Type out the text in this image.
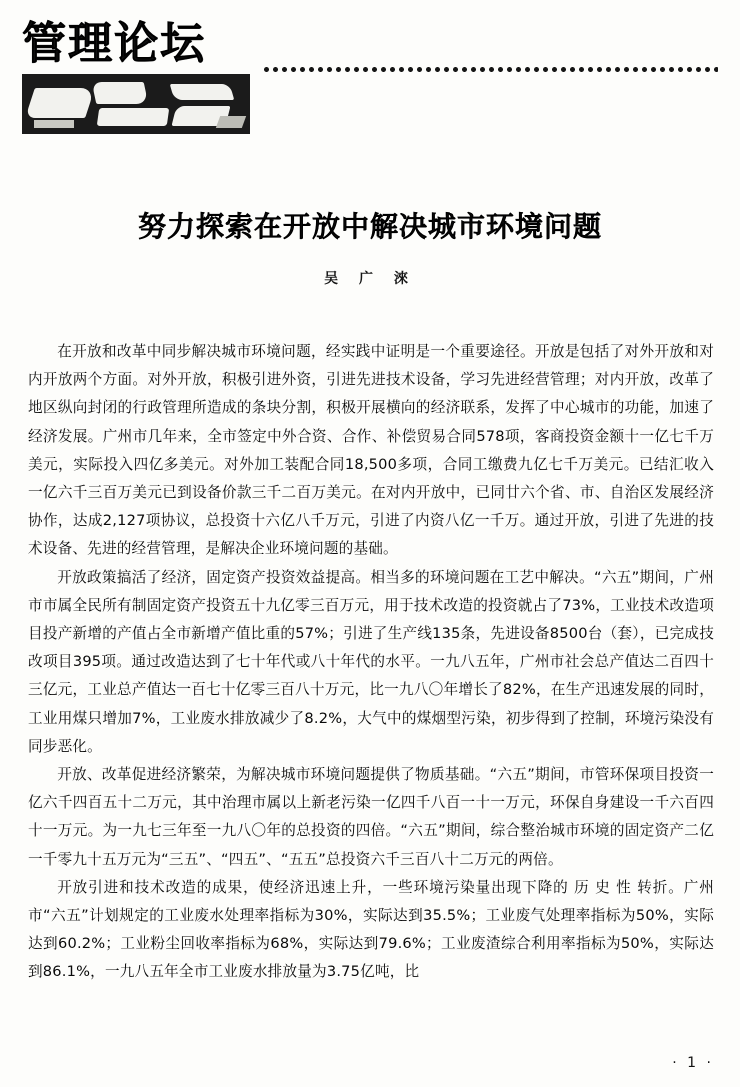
管理论坛
努力探索在开放中解决城市环境问题
吴 广 淶

在开放和改革中同步解决城市环境问题，经实践中证明是一个重要途径。开放是包括了对外开放和对内开放两个方面。对外开放，积极引进外资，引进先进技术设备，学习先进经营管理；对内开放，改革了地区纵向封闭的行政管理所造成的条块分割，积极开展横向的经济联系，发挥了中心城市的功能，加速了经济发展。广州市几年来，全市签定中外合资、合作、补偿贸易合同578项，客商投资金额十一亿七千万美元，实际投入四亿多美元。对外加工装配合同18,500多项，合同工缴费九亿七千万美元。已结汇收入一亿六千三百万美元已到设备价款三千二百万美元。在对内开放中，已同廿六个省、市、自治区发展经济协作，达成2,127项协议，总投资十六亿八千万元，引进了内资八亿一千万。通过开放，引进了先进的技术设备、先进的经营管理，是解决企业环境问题的基础。

开放政策搞活了经济，固定资产投资效益提高。相当多的环境问题在工艺中解决。“六五”期间，广州市市属全民所有制固定资产投资五十九亿零三百万元，用于技术改造的投资就占了73%，工业技术改造项目投产新增的产值占全市新增产值比重的57%；引进了生产线135条，先进设备8500台（套），已完成技改项目395项。通过改造达到了七十年代或八十年代的水平。一九八五年，广州市社会总产值达二百四十三亿元，工业总产值达一百七十亿零三百八十万元，比一九八〇年增长了82%，在生产迅速发展的同时，工业用煤只增加7%，工业废水排放减少了8.2%，大气中的煤烟型污染，初步得到了控制，环境污染没有同步恶化。

开放、改革促进经济繁荣，为解决城市环境问题提供了物质基础。“六五”期间，市管环保项目投资一亿六千四百五十二万元，其中治理市属以上新老污染一亿四千八百一十一万元，环保自身建设一千六百四十一万元。为一九七三年至一九八〇年的总投资的四倍。“六五”期间，综合整治城市环境的固定资产二亿一千零九十五万元为“三五”、“四五”、“五五”总投资六千三百八十二万元的两倍。

开放引进和技术改造的成果，使经济迅速上升，一些环境污染量出现下降的 历 史 性 转折。广州市“六五”计划规定的工业废水处理率指标为30%，实际达到35.5%；工业废气处理率指标为50%，实际达到60.2%；工业粉尘回收率指标为68%，实际达到79.6%；工业废渣综合利用率指标为50%，实际达到86.1%，一九八五年全市工业废水排放量为3.75亿吨，比

· 1 ·
